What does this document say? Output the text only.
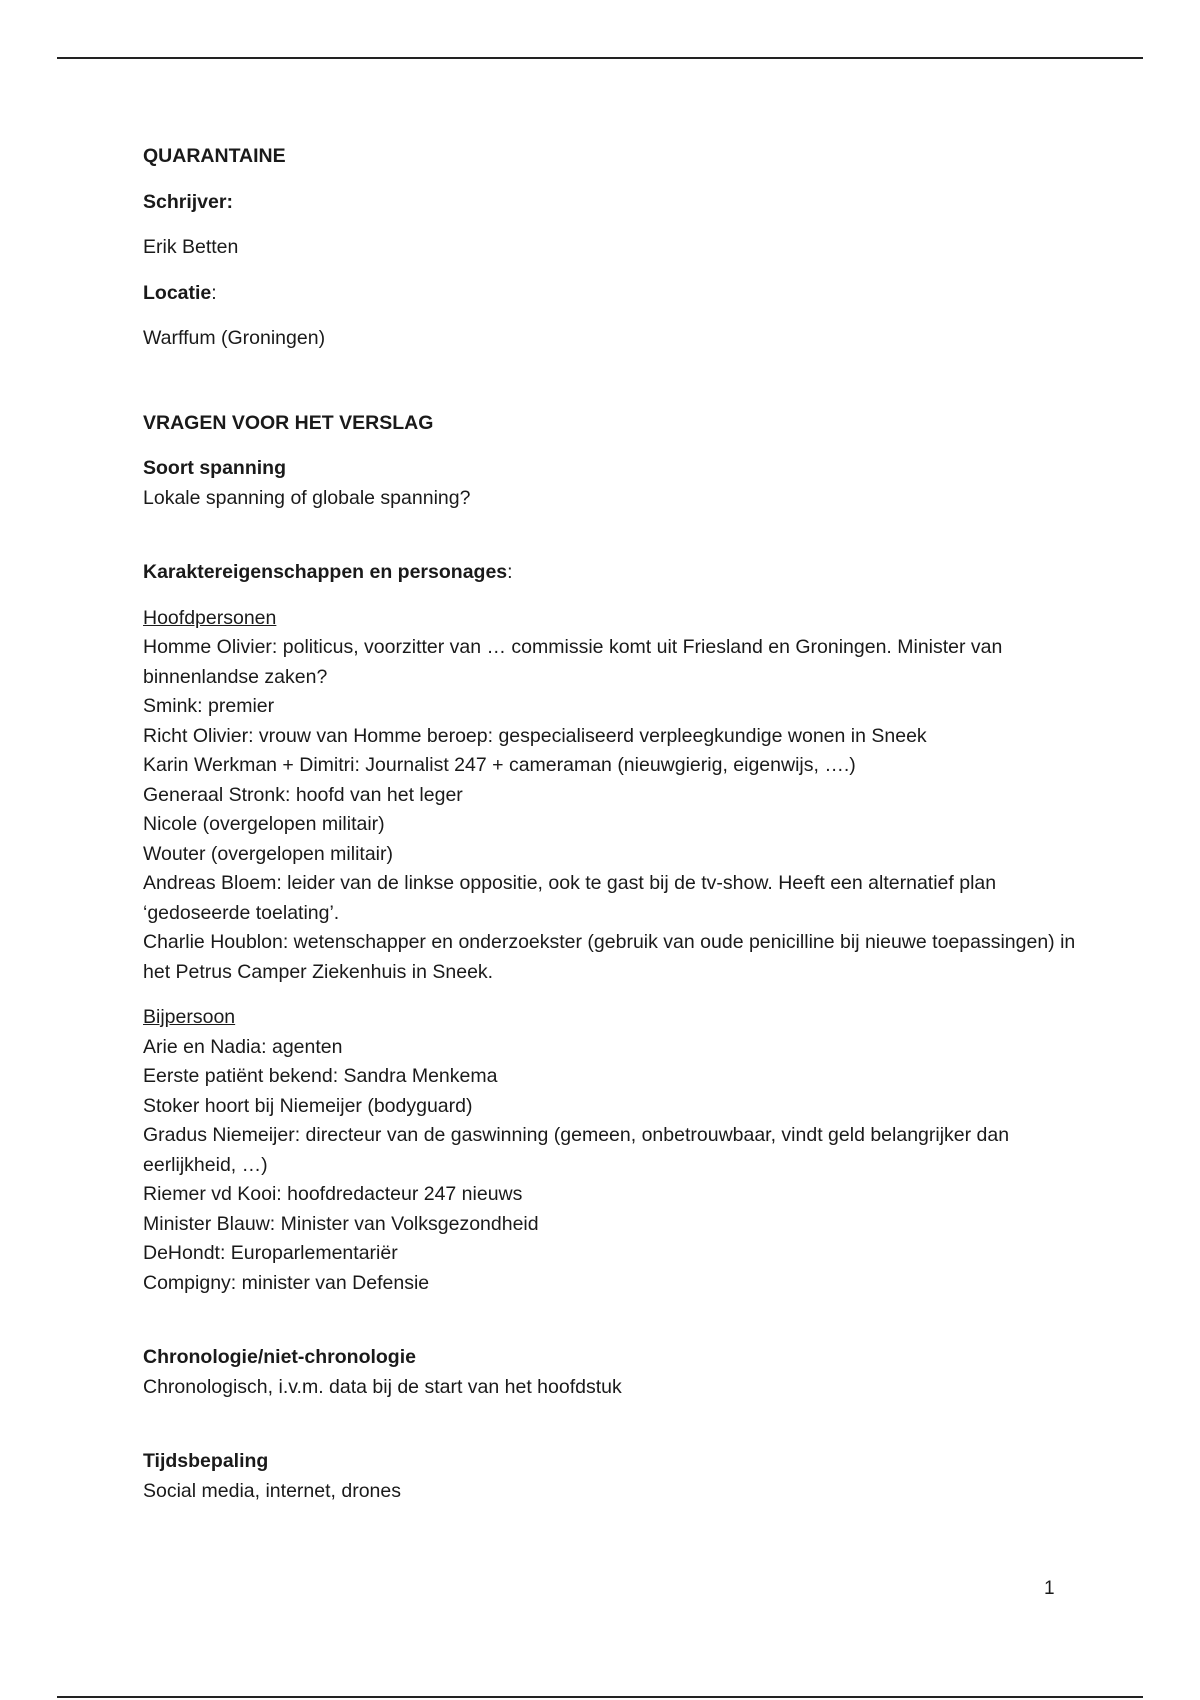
QUARANTAINE

Schrijver:

Erik Betten

Locatie:

Warffum (Groningen)

VRAGEN VOOR HET VERSLAG

Soort spanning

Lokale spanning of globale spanning?

Karaktereigenschappen en personages:

Hoofdpersonen

Homme Olivier: politicus, voorzitter van … commissie komt uit Friesland en Groningen. Minister van binnenlandse zaken?

Smink: premier

Richt Olivier: vrouw van Homme beroep: gespecialiseerd verpleegkundige wonen in Sneek

Karin Werkman + Dimitri: Journalist 247 + cameraman (nieuwgierig, eigenwijs, ….)

Generaal Stronk: hoofd van het leger

Nicole (overgelopen militair)

Wouter (overgelopen militair)

Andreas Bloem: leider van de linkse oppositie, ook te gast bij de tv-show. Heeft een alternatief plan ‘gedoseerde toelating’.

Charlie Houblon: wetenschapper en onderzoekster (gebruik van oude penicilline bij nieuwe toepassingen) in het Petrus Camper Ziekenhuis in Sneek.

Bijpersoon

Arie en Nadia: agenten

Eerste patiënt bekend: Sandra Menkema

Stoker hoort bij Niemeijer (bodyguard)

Gradus Niemeijer: directeur van de gaswinning (gemeen, onbetrouwbaar, vindt geld belangrijker dan eerlijkheid, …)

Riemer vd Kooi: hoofdredacteur 247 nieuws

Minister Blauw: Minister van Volksgezondheid

DeHondt: Europarlementariër

Compigny: minister van Defensie

Chronologie/niet-chronologie

Chronologisch, i.v.m. data bij de start van het hoofdstuk

Tijdsbepaling

Social media, internet, drones

1
